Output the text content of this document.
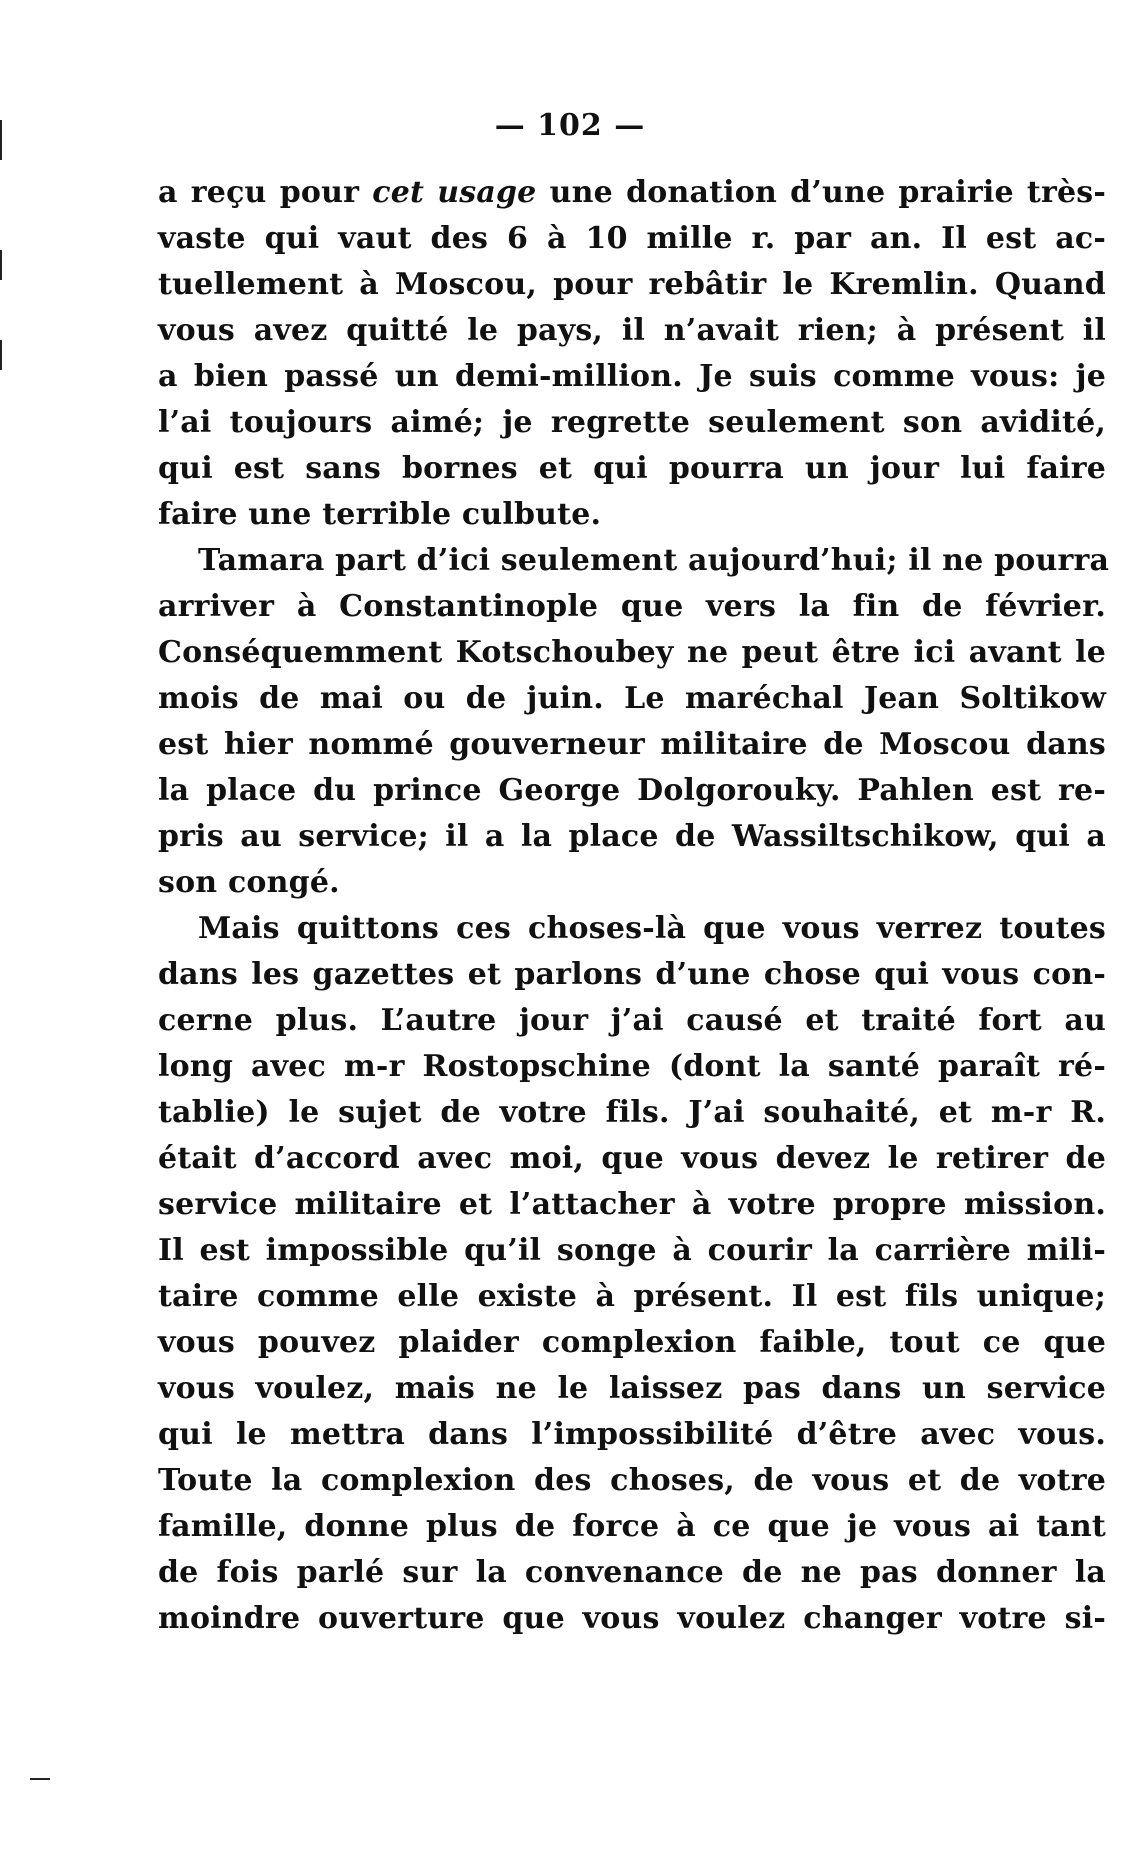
— 102 —
a reçu pour cet usage une donation d’une prairie très-
vaste qui vaut des 6 à 10 mille r. par an. Il est ac-
tuellement à Moscou, pour rebâtir le Kremlin. Quand
vous avez quitté le pays, il n’avait rien; à présent il
a bien passé un demi-million. Je suis comme vous: je
l’ai toujours aimé; je regrette seulement son avidité,
qui est sans bornes et qui pourra un jour lui faire
faire une terrible culbute.
Tamara part d’ici seulement aujourd’hui; il ne pourra
arriver à Constantinople que vers la fin de février.
Conséquemment Kotschoubey ne peut être ici avant le
mois de mai ou de juin. Le maréchal Jean Soltikow
est hier nommé gouverneur militaire de Moscou dans
la place du prince George Dolgorouky. Pahlen est re-
pris au service; il a la place de Wassiltschikow, qui a
son congé.
Mais quittons ces choses-là que vous verrez toutes
dans les gazettes et parlons d’une chose qui vous con-
cerne plus. L’autre jour j’ai causé et traité fort au
long avec m-r Rostopschine (dont la santé paraît ré-
tablie) le sujet de votre fils. J’ai souhaité, et m-r R.
était d’accord avec moi, que vous devez le retirer de
service militaire et l’attacher à votre propre mission.
Il est impossible qu’il songe à courir la carrière mili-
taire comme elle existe à présent. Il est fils unique;
vous pouvez plaider complexion faible, tout ce que
vous voulez, mais ne le laissez pas dans un service
qui le mettra dans l’impossibilité d’être avec vous.
Toute la complexion des choses, de vous et de votre
famille, donne plus de force à ce que je vous ai tant
de fois parlé sur la convenance de ne pas donner la
moindre ouverture que vous voulez changer votre si-
